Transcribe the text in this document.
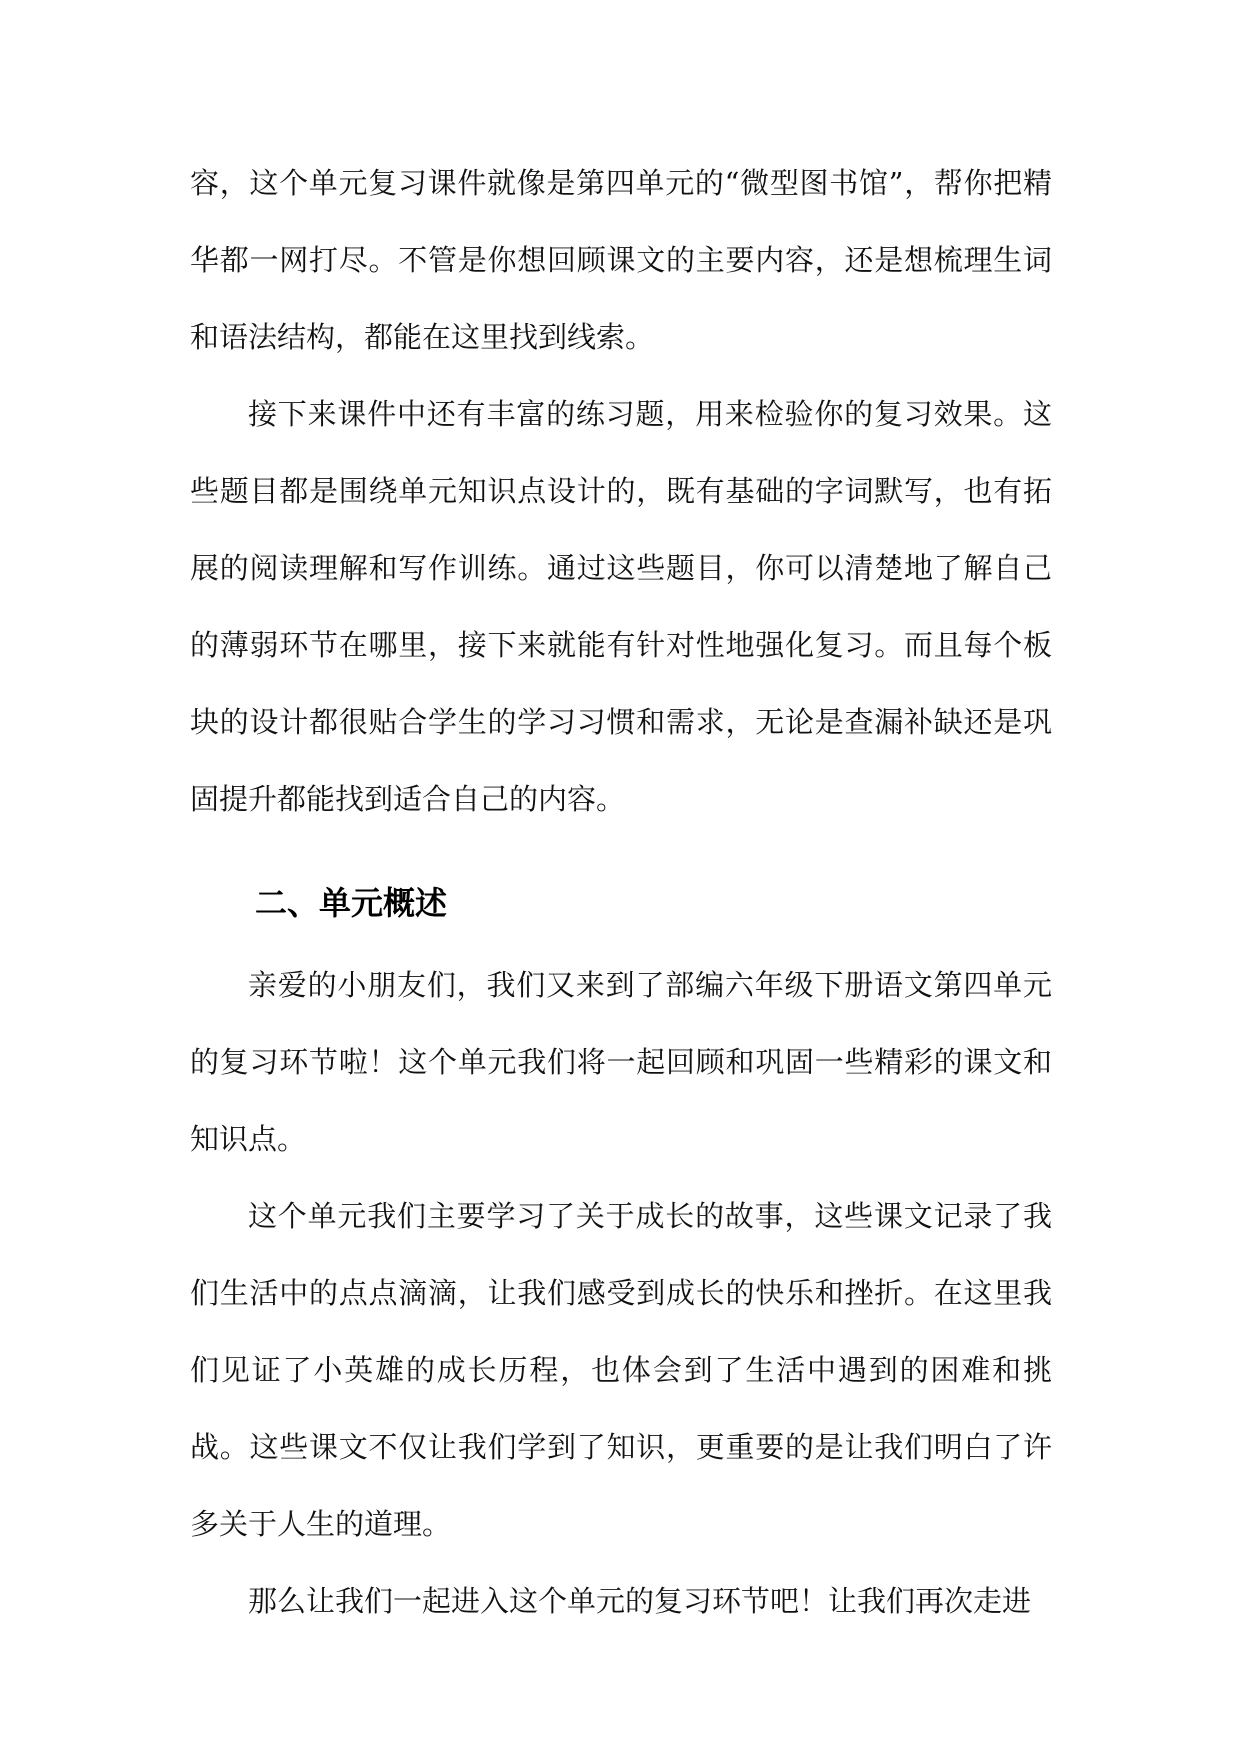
容，这个单元复习课件就像是第四单元的“微型图书馆”，帮你把精华都一网打尽。不管是你想回顾课文的主要内容，还是想梳理生词和语法结构，都能在这里找到线索。

接下来课件中还有丰富的练习题，用来检验你的复习效果。这些题目都是围绕单元知识点设计的，既有基础的字词默写，也有拓展的阅读理解和写作训练。通过这些题目，你可以清楚地了解自己的薄弱环节在哪里，接下来就能有针对性地强化复习。而且每个板块的设计都很贴合学生的学习习惯和需求，无论是查漏补缺还是巩固提升都能找到适合自己的内容。

二、单元概述

亲爱的小朋友们，我们又来到了部编六年级下册语文第四单元的复习环节啦！这个单元我们将一起回顾和巩固一些精彩的课文和知识点。

这个单元我们主要学习了关于成长的故事，这些课文记录了我们生活中的点点滴滴，让我们感受到成长的快乐和挫折。在这里我们见证了小英雄的成长历程，也体会到了生活中遇到的困难和挑战。这些课文不仅让我们学到了知识，更重要的是让我们明白了许多关于人生的道理。

那么让我们一起进入这个单元的复习环节吧！让我们再次走进
